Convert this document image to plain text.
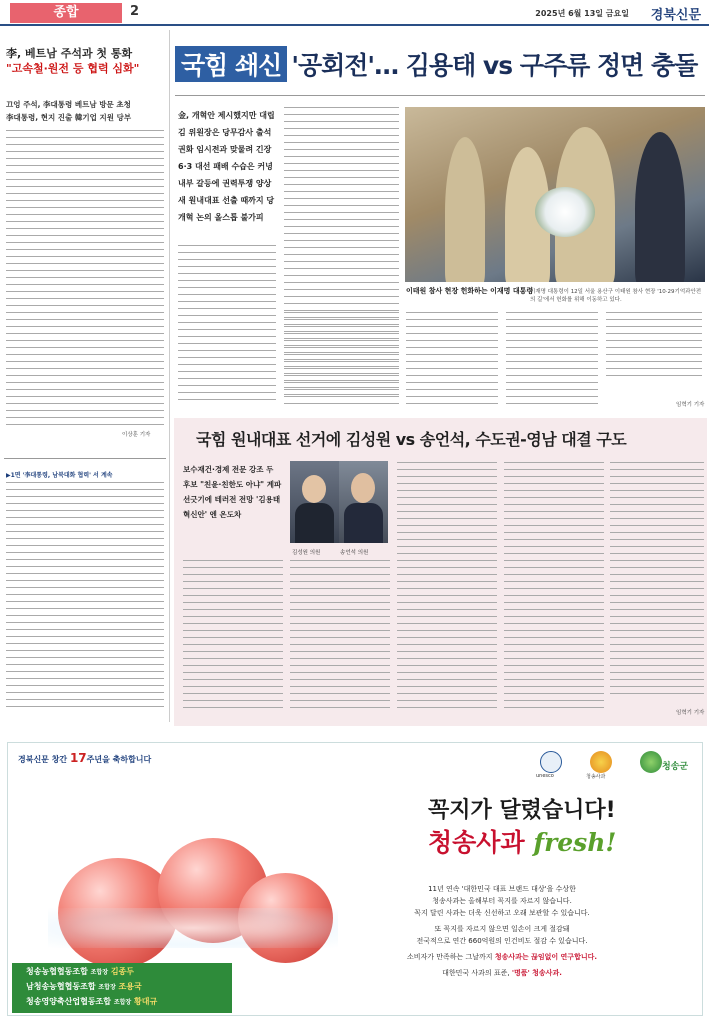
종합	2	2025년 6월 13일 금요일 경북신문
李, 베트남 주석과 첫 통화
"고속철·원전 등 협력 심화"
끄엉 주석, 李대통령 베트남 방문 초청
李대통령, 현지 진출 韓기업 지원 당부
이상훈 기자
▶1면 '李대통령, 남북대화 협력' 서 계속
국힘 쇄신 '공회전'… 김용태 vs 구주류 정면 충돌
金, 개혁안 제시했지만 대립 김 위원장은 당무감사 출석 권화 임시전과 맞물려 긴장 6·3 대선 패배 수습은 커녕 내부 갈등에 권력투쟁 양상 새 원내대표 선출 때까지 당 개혁 논의 올스톱 불가피
이태원 참사 현장 헌화하는 이재명 대통령
이재명 대통령이 12일 서울 용산구 이태원 참사 현장 '10·29기억과안전의 길'에서 헌화를 위해 이동하고 있다.
임혁기 기자
국힘 원내대표 선거에 김성원 vs 송언석, 수도권-영남 대결 구도
보수재건·경제 전문 강조 두 후보 "친윤·친한도 아냐" 계파 선긋기에 테러전 전망 '김용태 혁신안' 엔 온도차
김성원 의원	송언석 의원
임혁기 기자
경북신문 창간 17주년을 축하합니다
unesco	청송사과
청송군
꼭지가 달렸습니다!
청송사과 fresh!

11년 연속 '대한민국 대표 브랜드 대상'을 수상한
청송사과는 올해부터 꼭지를 자르지 않습니다.
꼭지 달린 사과는 더욱 신선하고 오래 보관할 수 있습니다.

또 꼭지를 자르지 않으면 일손이 크게 절감돼
전국적으로 연간 660억원의 인건비도 절감 수 있습니다.

소비자가 만족하는 그날까지 청송사과는 끊임없이 연구합니다.

대한민국 사과의 표준, '명품' 청송사과.

청송농협협동조합 조합장 김종두
남청송농협협동조합 조합장 조용국
청송영양축산업협동조합 조합장 황대규
